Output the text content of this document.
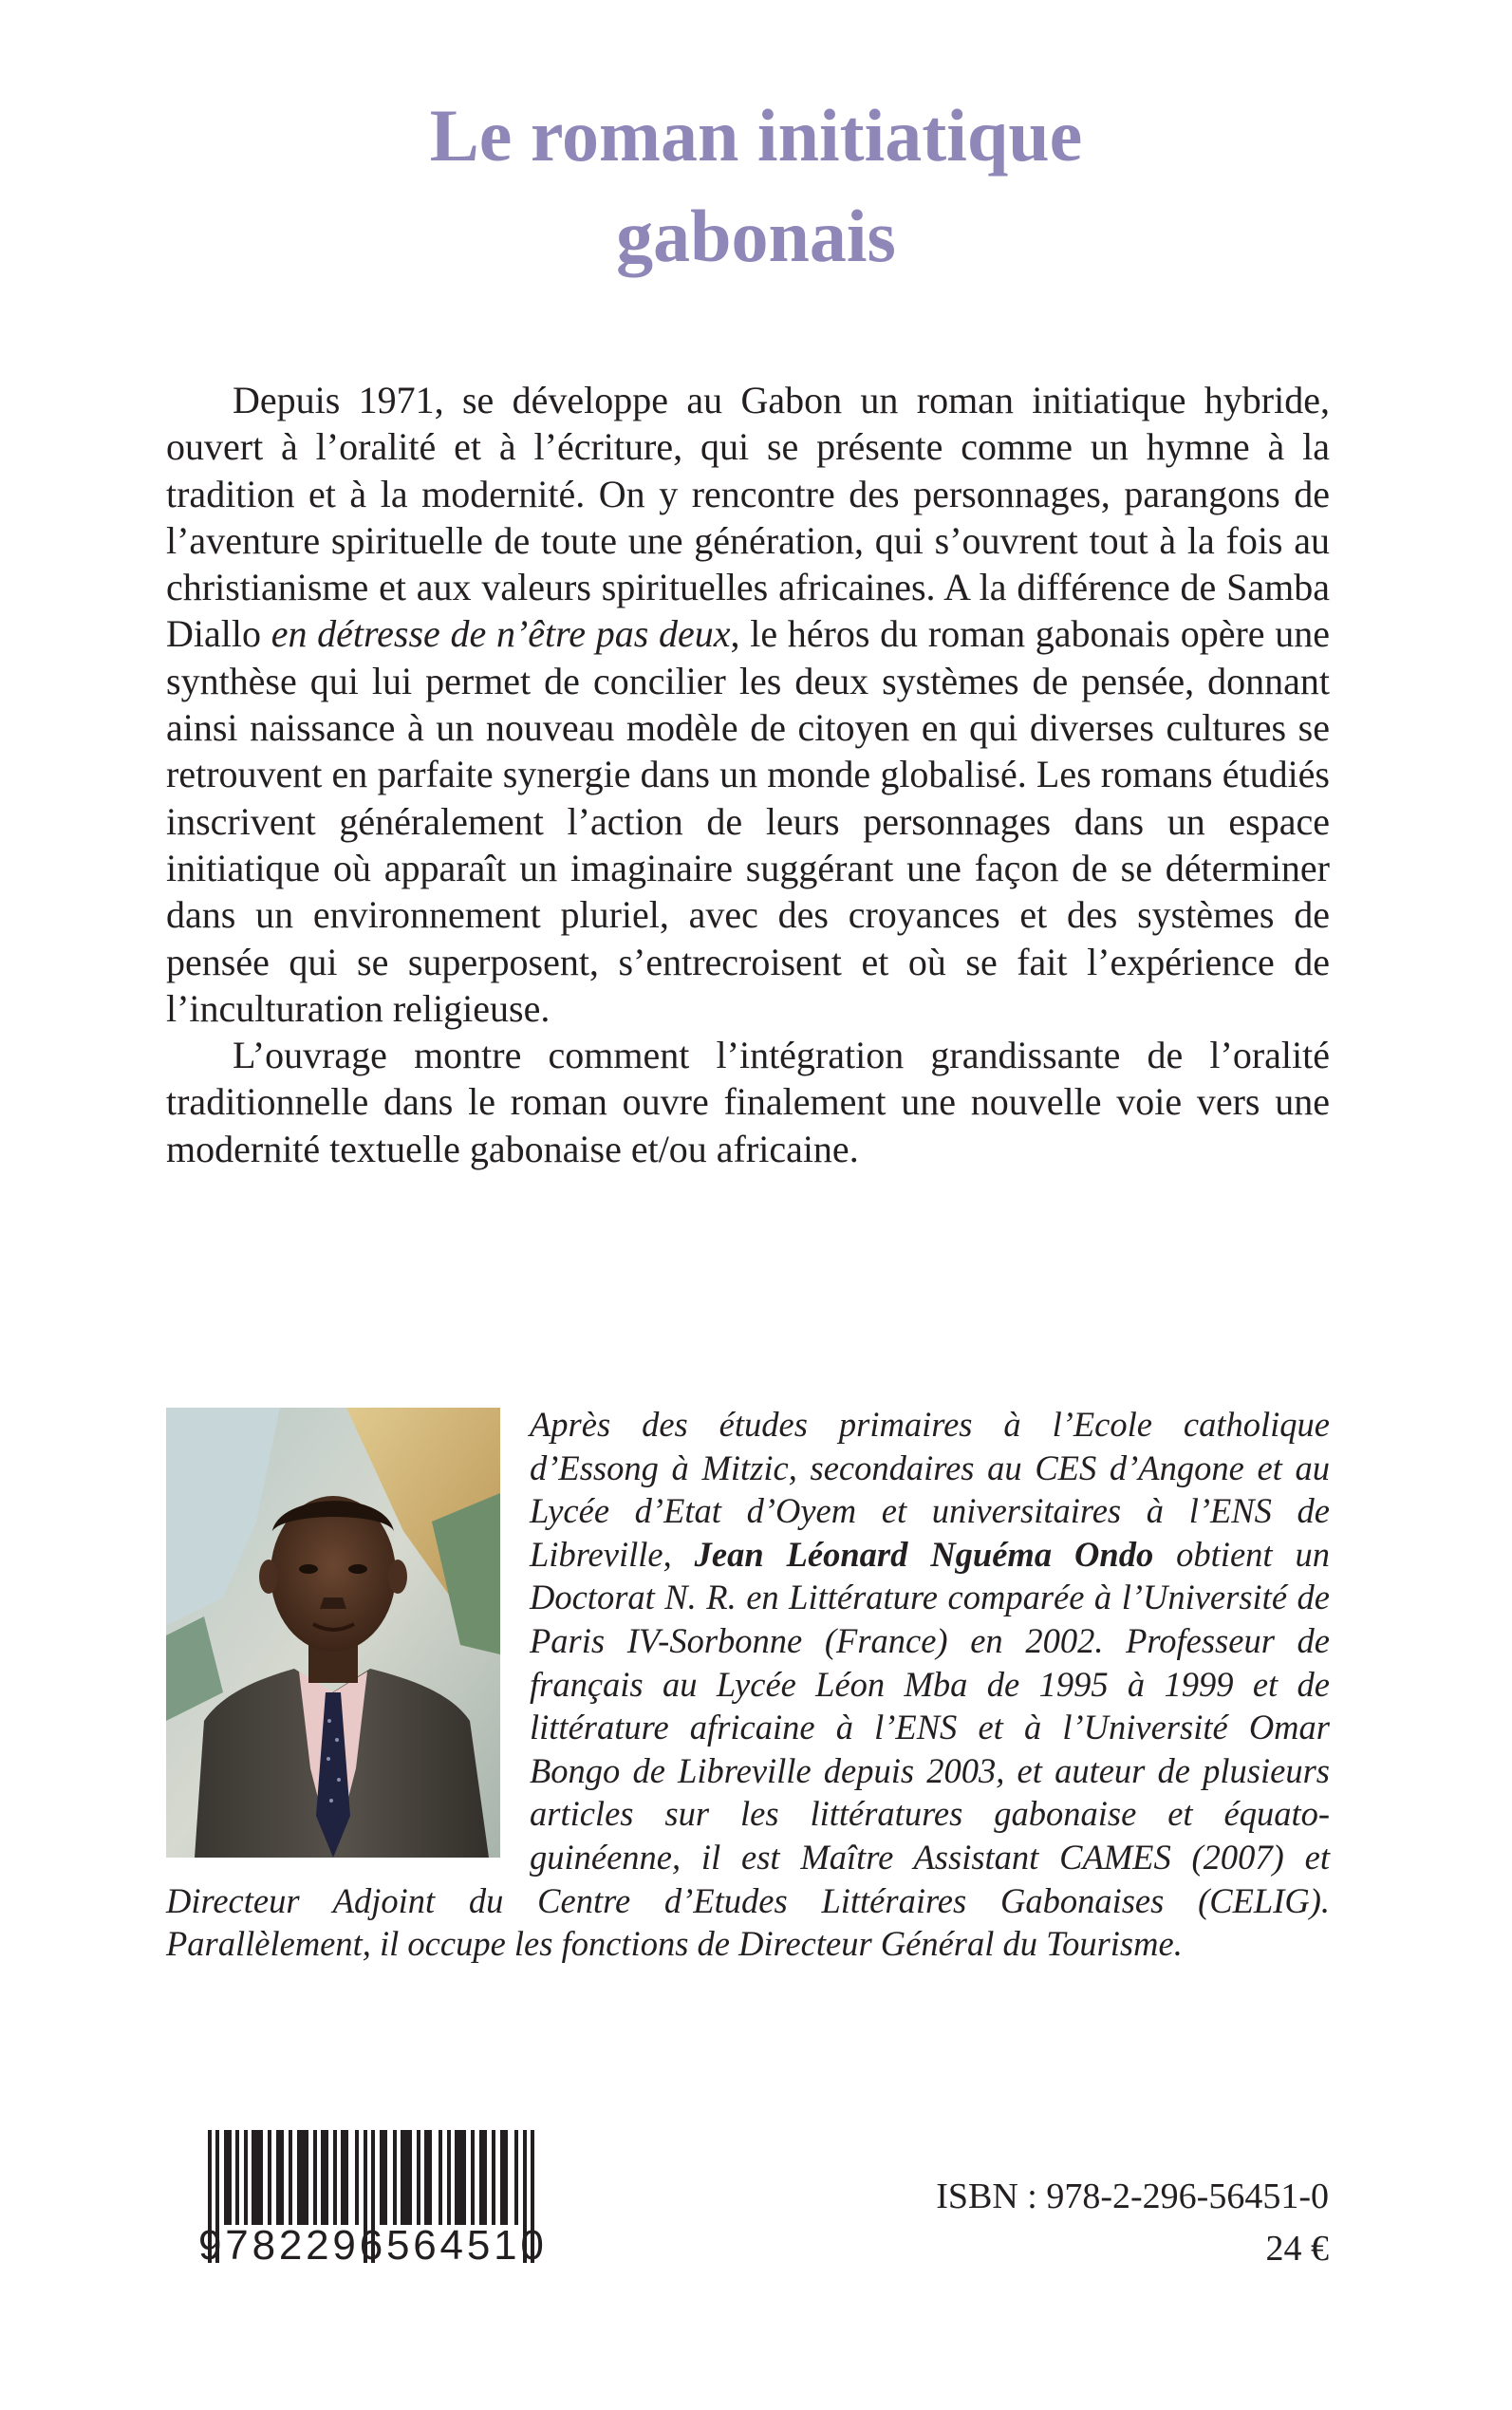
Le roman initiatique
gabonais

Depuis 1971, se développe au Gabon un roman initiatique hybride, ouvert à l’oralité et à l’écriture, qui se présente comme un hymne à la tradition et à la modernité. On y rencontre des personnages, parangons de l’aventure spirituelle de toute une génération, qui s’ouvrent tout à la fois au christianisme et aux valeurs spirituelles africaines. A la différence de Samba Diallo en détresse de n’être pas deux, le héros du roman gabonais opère une synthèse qui lui permet de concilier les deux systèmes de pensée, donnant ainsi naissance à un nouveau modèle de citoyen en qui diverses cultures se retrouvent en parfaite synergie dans un monde globalisé. Les romans étudiés inscrivent généralement l’action de leurs personnages dans un espace initiatique où apparaît un imaginaire suggérant une façon de se déterminer dans un environnement pluriel, avec des croyances et des systèmes de pensée qui se superposent, s’entrecroisent et où se fait l’expérience de l’inculturation religieuse.

L’ouvrage montre comment l’intégration grandissante de l’oralité traditionnelle dans le roman ouvre finalement une nouvelle voie vers une modernité textuelle gabonaise et/ou africaine.

Après des études primaires à l’Ecole catholique d’Essong à Mitzic, secondaires au CES d’Angone et au Lycée d’Etat d’Oyem et universitaires à l’ENS de Libreville, Jean Léonard Nguéma Ondo obtient un Doctorat N. R. en Littérature comparée à l’Université de Paris IV-Sorbonne (France) en 2002. Professeur de français au Lycée Léon Mba de 1995 à 1999 et de littérature africaine à l’ENS et à l’Université Omar Bongo de Libreville depuis 2003, et auteur de plusieurs articles sur les littératures gabonaise et équato-guinéenne, il est Maître Assistant CAMES (2007) et Directeur Adjoint du Centre d’Etudes Littéraires Gabonaises (CELIG). Parallèlement, il occupe les fonctions de Directeur Général du Tourisme.
9 7 8 2 2 9 6 5 6 4 5 1 0
ISBN : 978-2-296-56451-0
24 €
